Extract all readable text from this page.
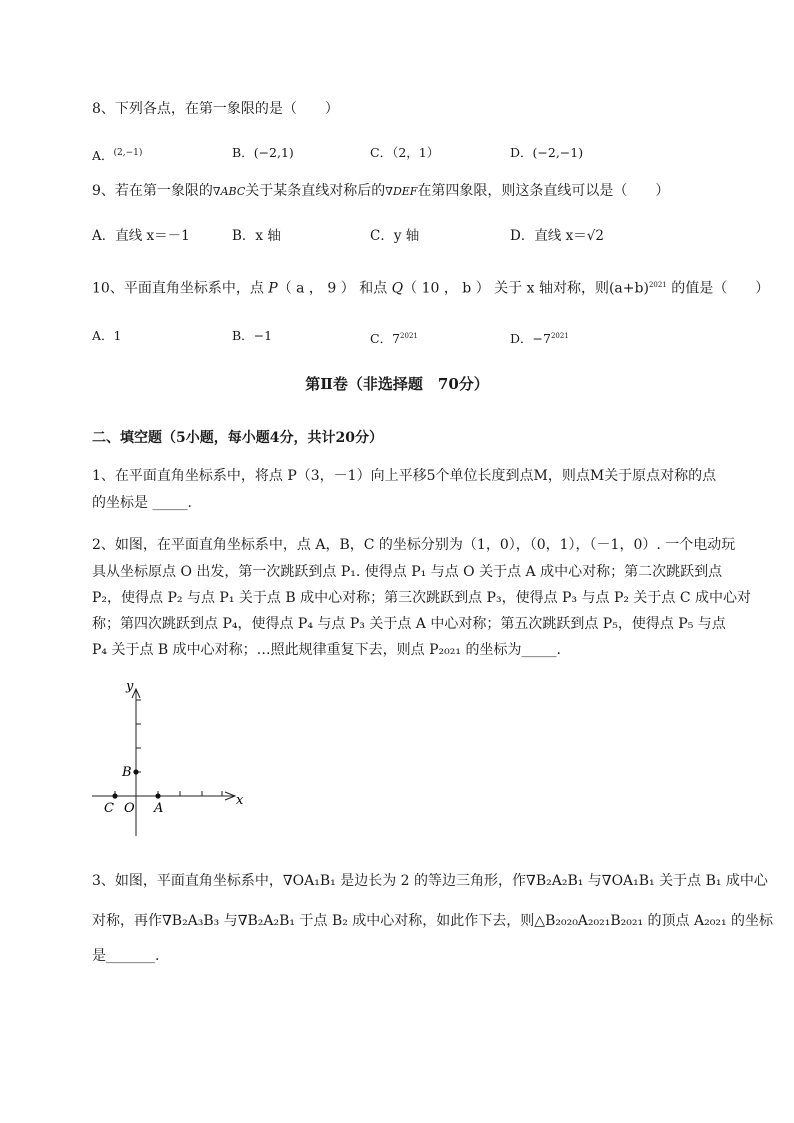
8、下列各点，在第一象限的是（　　）
A．$^{(2,-1)}$	B．(−2,1)	C．（2，1）	D．(−2,−1)
9、若在第一象限的∇ABC关于某条直线对称后的∇DEF在第四象限，则这条直线可以是（　　）
A．直线 x＝－1	B．x 轴	C．y 轴	D．直线 x＝√2
10、平面直角坐标系中，点 P（ a ， 9 ） 和点 Q（ 10 ， b ） 关于 x 轴对称，则$(a+b)^{2021}$ 的值是（　　）
A．1	B．−1	C．$7^{2021}$	D．$-7^{2021}$
第Ⅱ卷（非选择题　70分）
二、填空题（5小题，每小题4分，共计20分）
1、在平面直角坐标系中，将点 P（3，－1）向上平移5个单位长度到点M，则点M关于原点对称的点
的坐标是 _____.
2、如图，在平面直角坐标系中，点 A，B，C 的坐标分别为（1，0），（0，1），（－1，0）. 一个电动玩
具从坐标原点 O 出发，第一次跳跃到点 P₁. 使得点 P₁ 与点 O 关于点 A 成中心对称；第二次跳跃到点
P₂，使得点 P₂ 与点 P₁ 关于点 B 成中心对称；第三次跳跃到点 P₃，使得点 P₃ 与点 P₂ 关于点 C 成中心对
称；第四次跳跃到点 P₄，使得点 P₄ 与点 P₃ 关于点 A 中心对称；第五次跳跃到点 P₅，使得点 P₅ 与点
P₄ 关于点 B 成中心对称；…照此规律重复下去，则点 P₂₀₂₁ 的坐标为_____.
y
x
B
C O A
3、如图，平面直角坐标系中，∇OA₁B₁ 是边长为 2 的等边三角形，作∇B₂A₂B₁ 与∇OA₁B₁ 关于点 B₁ 成中心
对称，再作∇B₂A₃B₃ 与∇B₂A₂B₁ 于点 B₂ 成中心对称，如此作下去，则△B₂₀₂₀A₂₀₂₁B₂₀₂₁ 的顶点 A₂₀₂₁ 的坐标
是_______.
